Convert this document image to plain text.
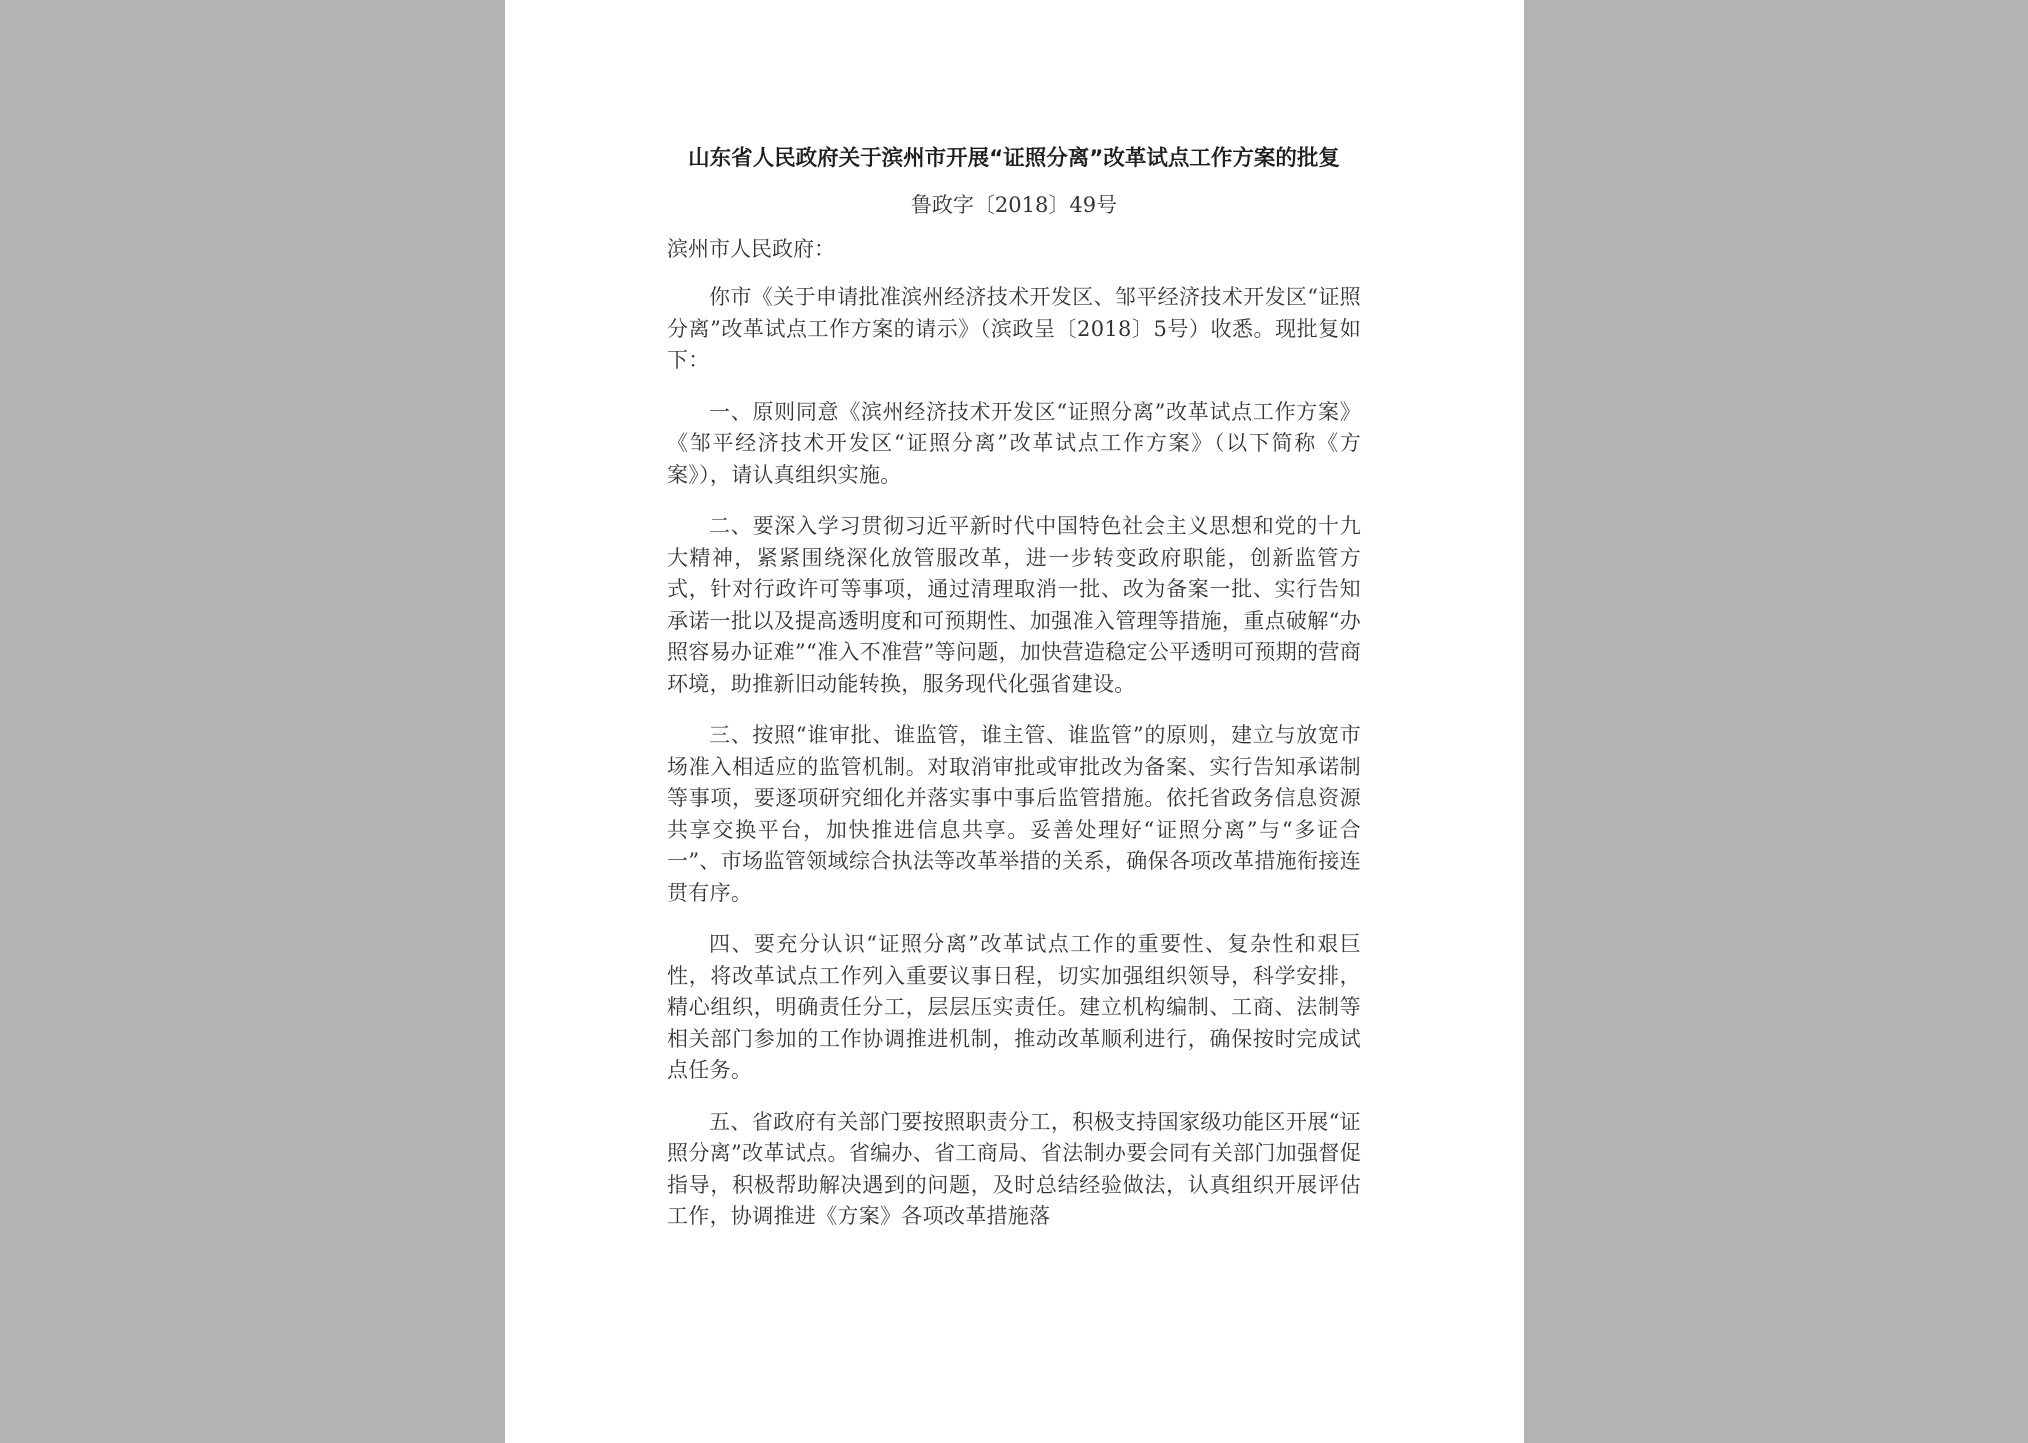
山东省人民政府关于滨州市开展“证照分离”改革试点工作方案的批复
鲁政字〔2018〕49号
滨州市人民政府：

你市《关于申请批准滨州经济技术开发区、邹平经济技术开发区“证照分离”改革试点工作方案的请示》（滨政呈〔2018〕5号）收悉。现批复如下：

一、原则同意《滨州经济技术开发区“证照分离”改革试点工作方案》《邹平经济技术开发区“证照分离”改革试点工作方案》（以下简称《方案》），请认真组织实施。

二、要深入学习贯彻习近平新时代中国特色社会主义思想和党的十九大精神，紧紧围绕深化放管服改革，进一步转变政府职能，创新监管方式，针对行政许可等事项，通过清理取消一批、改为备案一批、实行告知承诺一批以及提高透明度和可预期性、加强准入管理等措施，重点破解“办照容易办证难”“准入不准营”等问题，加快营造稳定公平透明可预期的营商环境，助推新旧动能转换，服务现代化强省建设。

三、按照“谁审批、谁监管，谁主管、谁监管”的原则，建立与放宽市场准入相适应的监管机制。对取消审批或审批改为备案、实行告知承诺制等事项，要逐项研究细化并落实事中事后监管措施。依托省政务信息资源共享交换平台，加快推进信息共享。妥善处理好“证照分离”与“多证合一”、市场监管领域综合执法等改革举措的关系，确保各项改革措施衔接连贯有序。

四、要充分认识“证照分离”改革试点工作的重要性、复杂性和艰巨性，将改革试点工作列入重要议事日程，切实加强组织领导，科学安排，精心组织，明确责任分工，层层压实责任。建立机构编制、工商、法制等相关部门参加的工作协调推进机制，推动改革顺利进行，确保按时完成试点任务。

五、省政府有关部门要按照职责分工，积极支持国家级功能区开展“证照分离”改革试点。省编办、省工商局、省法制办要会同有关部门加强督促指导，积极帮助解决遇到的问题，及时总结经验做法，认真组织开展评估工作，协调推进《方案》各项改革措施落
